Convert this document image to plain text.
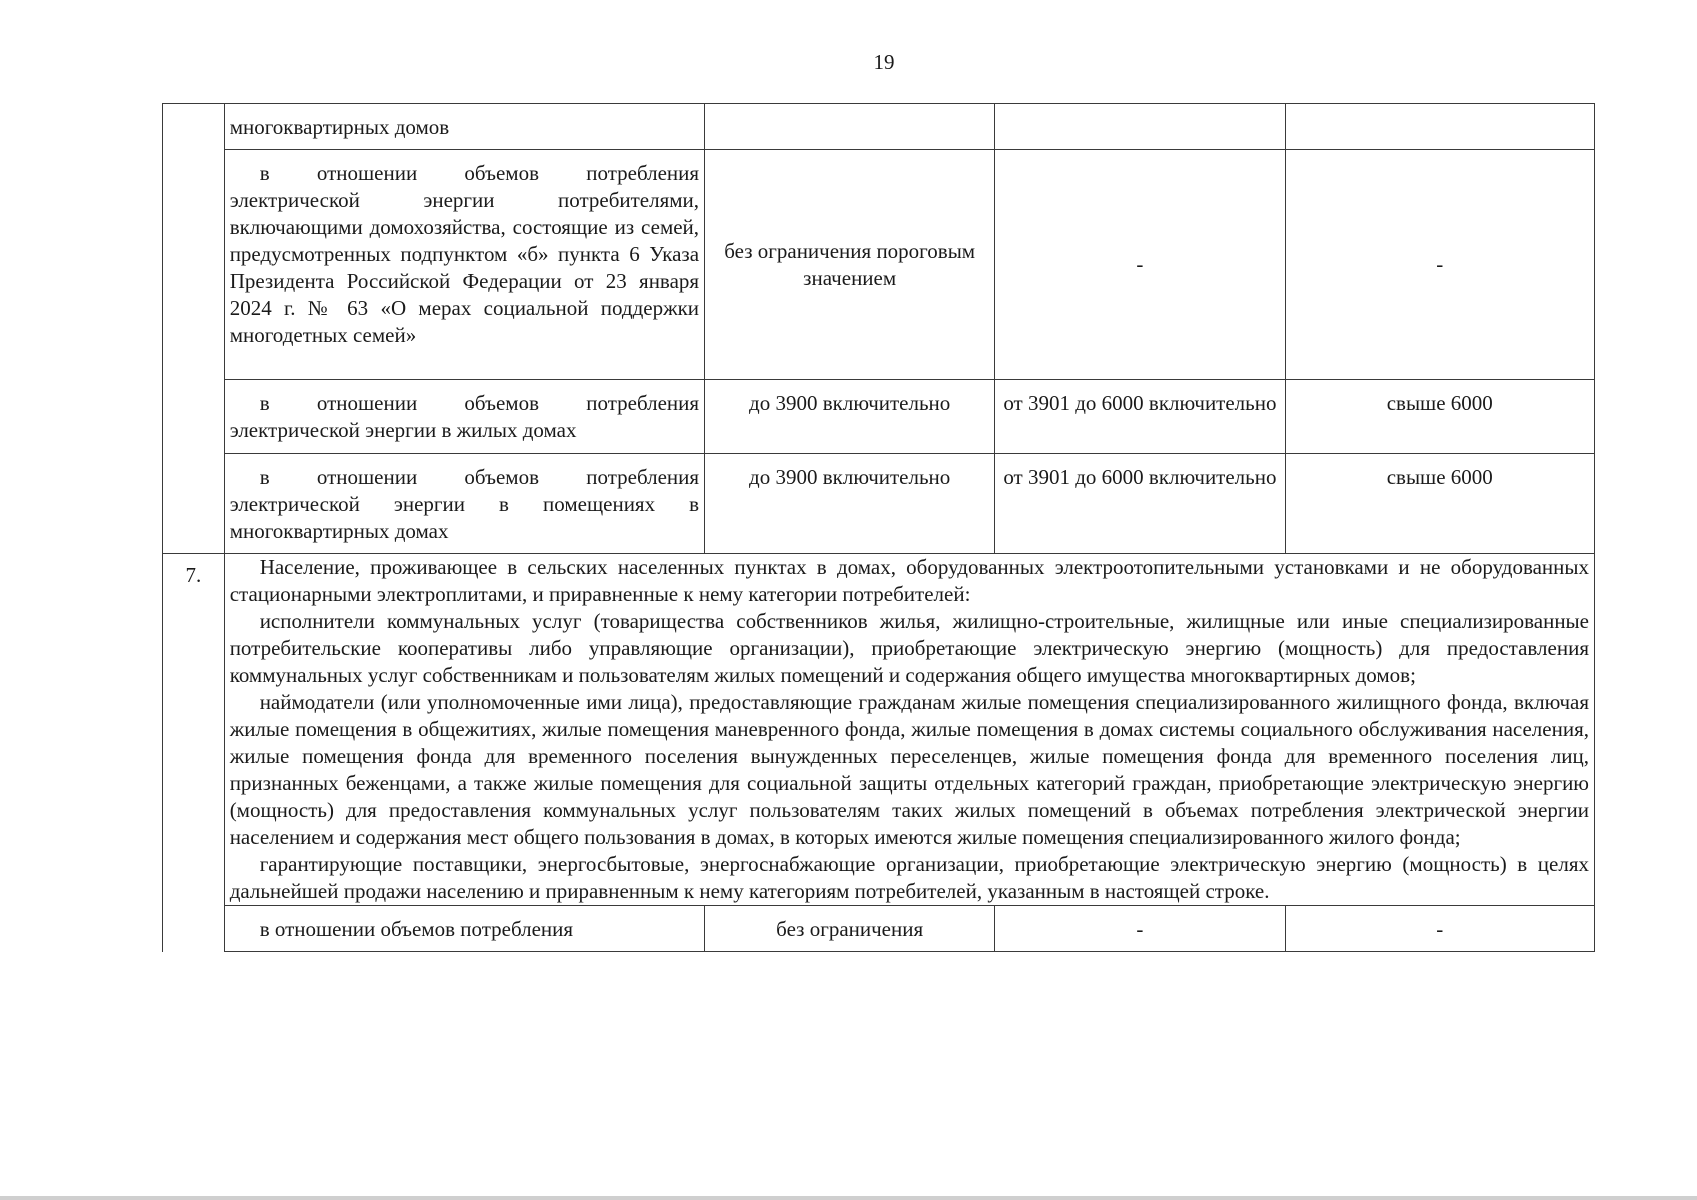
19
	многоквартирных домов			
	в отношении объемов потребления электрической энергии потребителями, включающими домохозяйства, состоящие из семей, предусмотренных подпунктом «б» пункта 6 Указа Президента Российской Федерации от 23 января 2024 г. № 63 «О мерах социальной поддержки многодетных семей»	без ограничения пороговым значением	-	-
	в отношении объемов потребления электрической энергии в жилых домах	до 3900 включительно	от 3901 до 6000 включительно	свыше 6000
	в отношении объемов потребления электрической энергии в помещениях в многоквартирных домах	до 3900 включительно	от 3901 до 6000 включительно	свыше 6000

7.	Население, проживающее в сельских населенных пунктах в домах, оборудованных электроотопительными установками и не оборудованных стационарными электроплитами, и приравненные к нему категории потребителей:

исполнители коммунальных услуг (товарищества собственников жилья, жилищно-строительные, жилищные или иные специализированные потребительские кооперативы либо управляющие организации), приобретающие электрическую энергию (мощность) для предоставления коммунальных услуг собственникам и пользователям жилых помещений и содержания общего имущества многоквартирных домов;

наймодатели (или уполномоченные ими лица), предоставляющие гражданам жилые помещения специализированного жилищного фонда, включая жилые помещения в общежитиях, жилые помещения маневренного фонда, жилые помещения в домах системы социального обслуживания населения, жилые помещения фонда для временного поселения вынужденных переселенцев, жилые помещения фонда для временного поселения лиц, признанных беженцами, а также жилые помещения для социальной защиты отдельных категорий граждан, приобретающие электрическую энергию (мощность) для предоставления коммунальных услуг пользователям таких жилых помещений в объемах потребления электрической энергии населением и содержания мест общего пользования в домах, в которых имеются жилые помещения специализированного жилого фонда;

гарантирующие поставщики, энергосбытовые, энергоснабжающие организации, приобретающие электрическую энергию (мощность) в целях дальнейшей продажи населению и приравненным к нему категориям потребителей, указанным в настоящей строке.			

	в отношении объемов потребления	без ограничения	-	-
